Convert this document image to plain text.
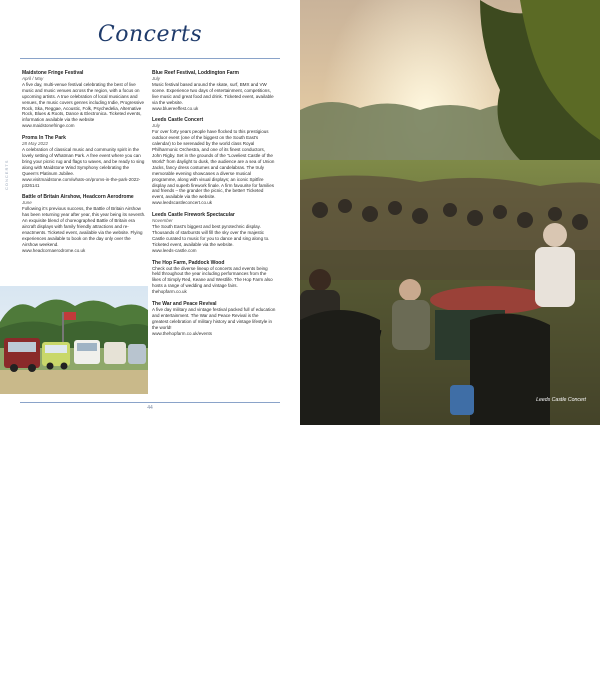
Concerts
CONCERTS
Maidstone Fringe Festival
April / May

A five day, multi-venue festival celebrating the best of live music and music venues across the region, with a focus on upcoming artists. A true celebration of local musicians and venues, the music covers genres including Indie, Progressive Rock, Ska, Reggae, Acoustic, Folk, Psychedelia, Alternative Rock, Blues & Roots, Dance & Electronica. Ticketed events, information available via the website

www.maidstonefringe.com
Proms In The Park
28 May 2022

A celebration of classical music and community spirit in the lovely setting of Whatman Park. A free event where you can bring your picnic rug and flags to waves, and be ready to sing along with Maidstone Wind Symphony celebrating the Queen's Platinum Jubilee.

www.visitmaidstone.com/whats-on/proms-in-the-park-2022-p326141
Battle of Britain Airshow, Headcorn Aerodrome
June

Following it's previous success, the Battle of Britain Airshow has been returning year after year, this year being its seventh. An exquisite blend of choreographed Battle of Britain era aircraft displays with family friendly attractions and re-enactments. Ticketed event, available via the website. Flying experiences available to book on the day only over the Airshow weekend.

www.headcornaerodrome.co.uk
Blue Reef Festival, Loddington Farm
July

Music festival based around the skate, surf, BMX and VW scene. Experience two days of entertainment, competitions, live music and great food and drink. Ticketed event, available via the website.

www.bluereeffest.co.uk
Leeds Castle Concert
July

For over forty years people have flocked to this prestigious outdoor event (one of the biggest on the South East's calendar) to be serenaded by the world class Royal Philharmonic Orchestra, and one of its finest conductors, John Rigby. Set in the grounds of the "Loveliest Castle of the World" from daylight to dusk, the audience are a sea of Union Jacks, fancy dress costumes and candelabras. The truly memorable evening showcases a diverse musical programme, along with visual displays; an iconic Spitfire display and superb firework finale. A firm favourite for families and friends – the grander the picnic, the better! Ticketed event, available via the website.

www.leedscastleconcert.co.uk
Leeds Castle Firework Spectacular
November

The South East's biggest and best pyrotechnic display. Thousands of starbursts will fill the sky over the majestic Castle curated to music for you to dance and sing along to. Ticketed event, available via the website.

www.leeds-castle.com
The Hop Farm, Paddock Wood

Check out the diverse lineup of concerts and events being held throughout the year including performances from the likes of Simply Red, Keane and Westlife. The Hop Farm also hosts a range of wedding and vintage fairs.

thehopfarm.co.uk
The War and Peace Revival

A five day military and vintage festival packed full of education and entertainment. The War and Peace Revival is the greatest celebration of military history and vintage lifestyle in the world!

www.thehopfarm.co.uk/events
Blue Reef Festival
44
Leeds Castle Concert
